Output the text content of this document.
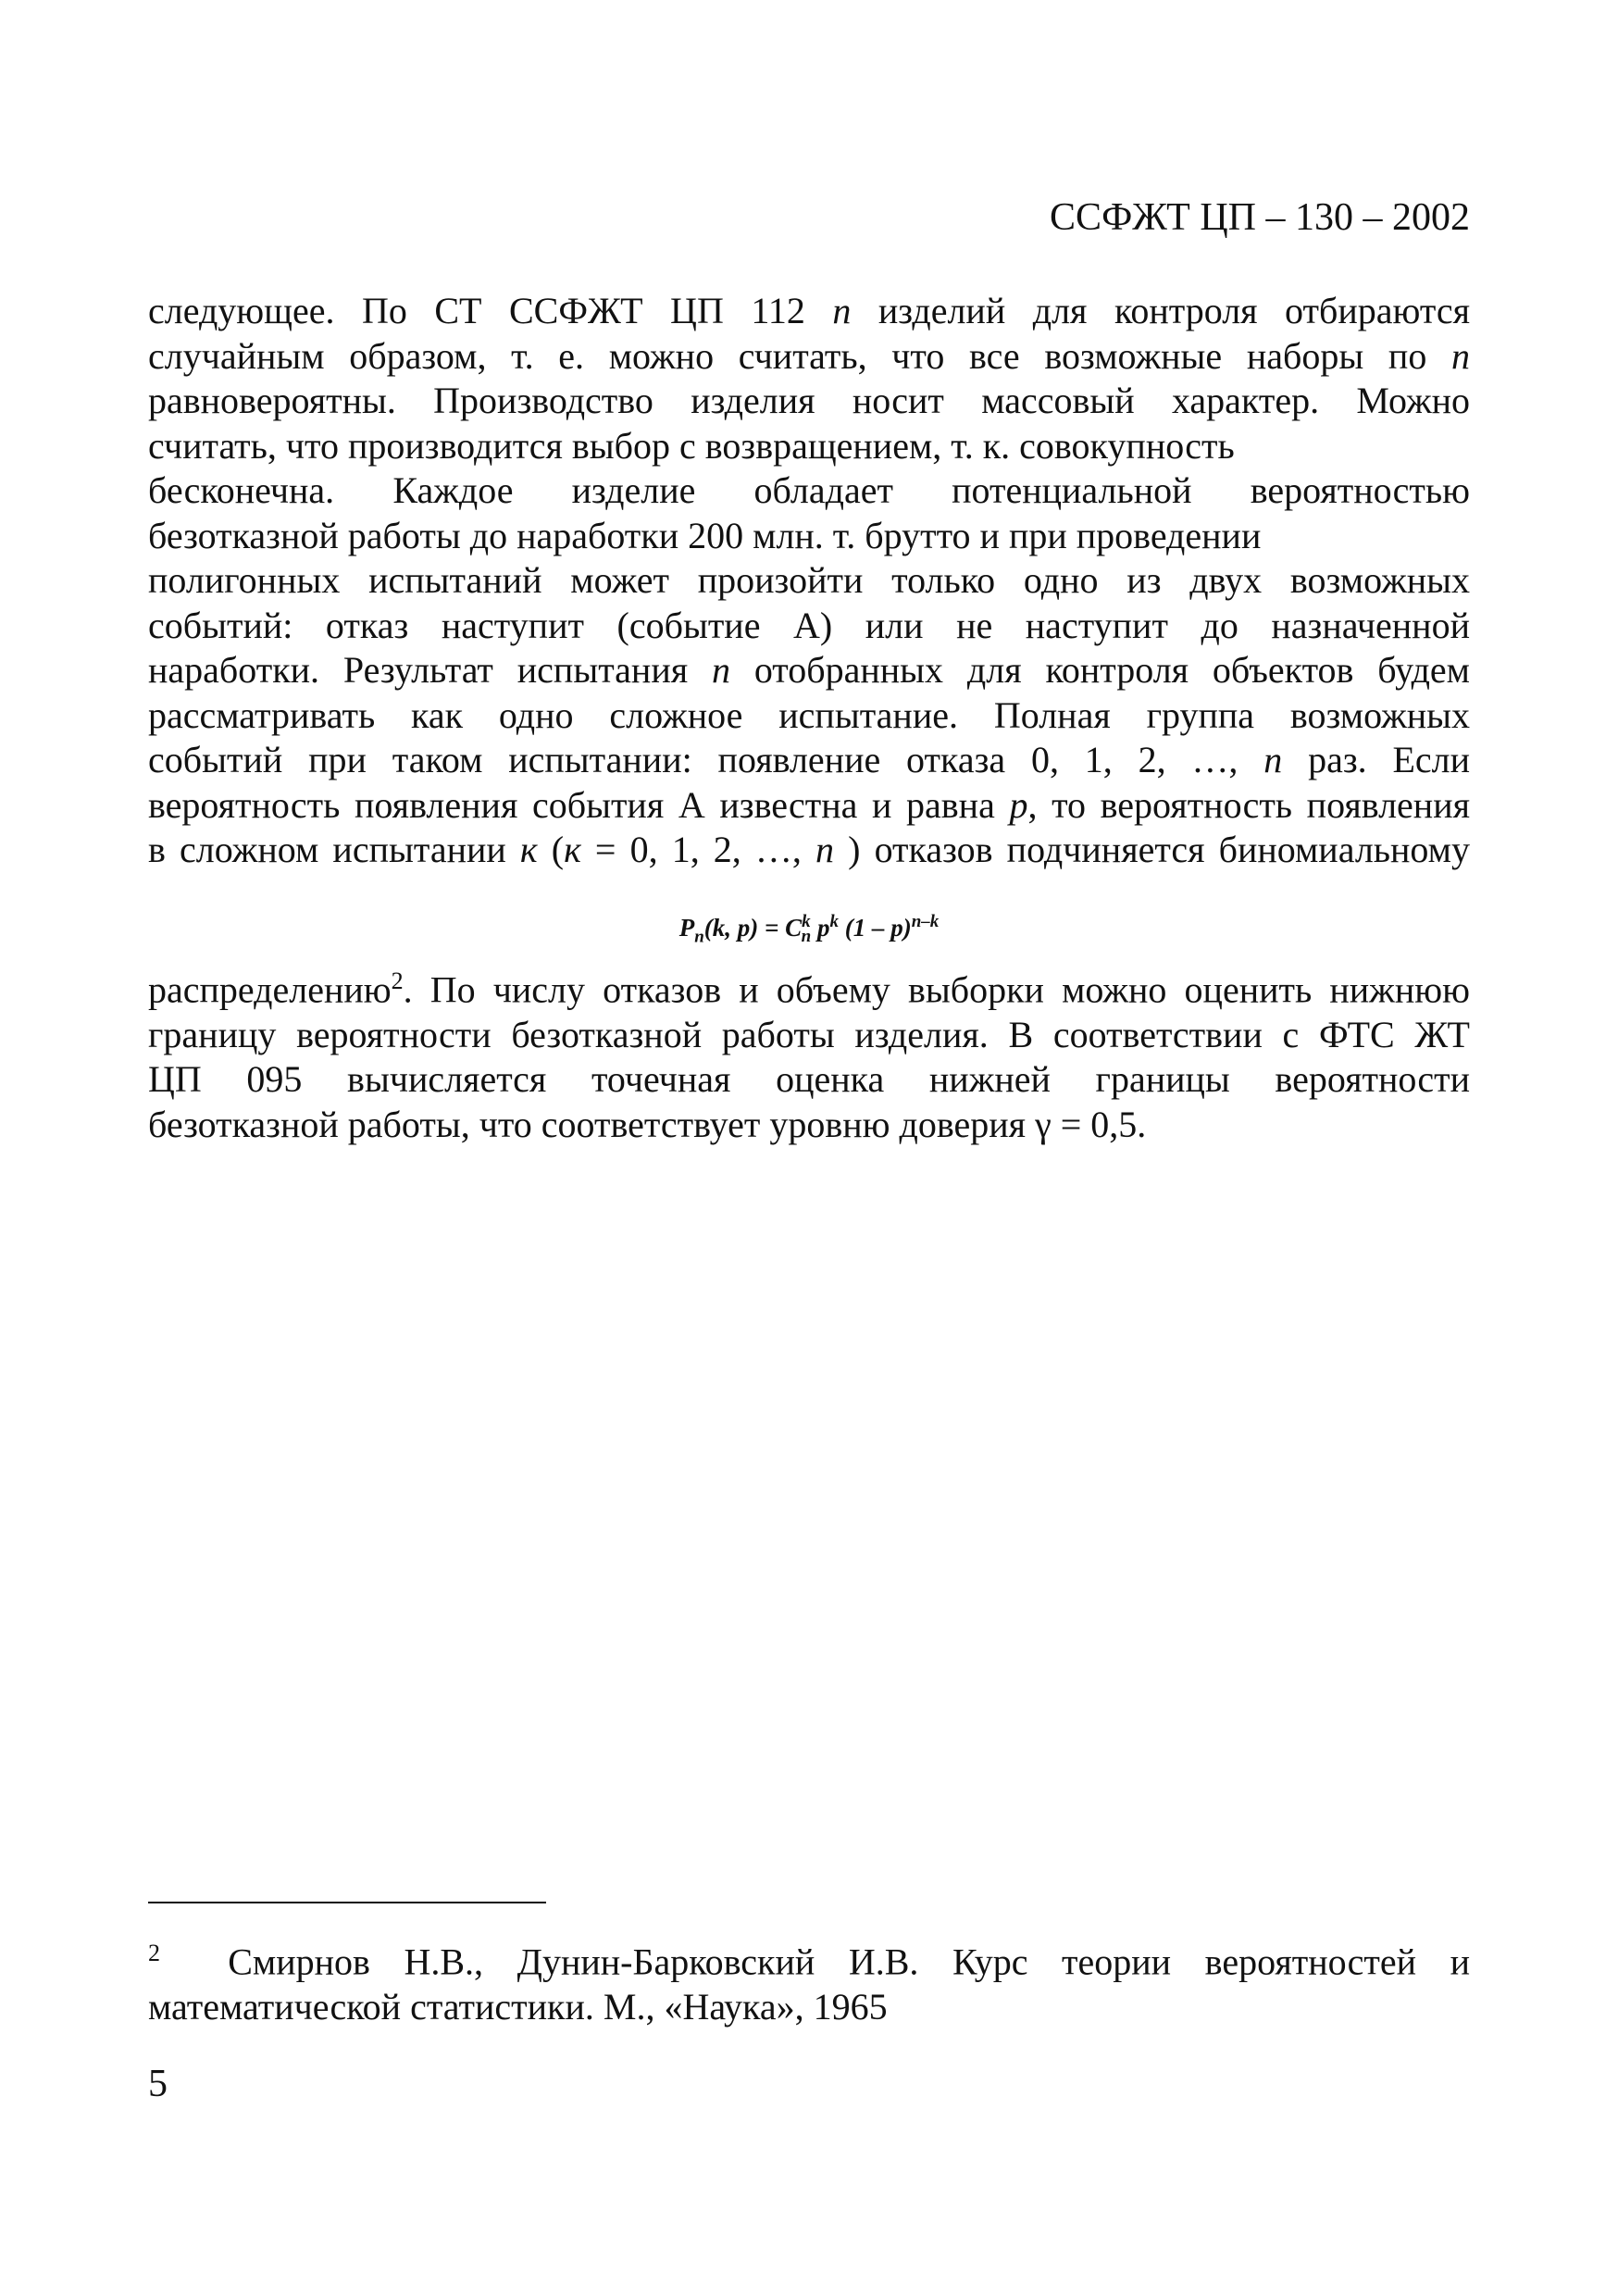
ССФЖТ ЦП – 130 – 2002
следующее. По СТ ССФЖТ ЦП 112 n изделий для контроля отбираются
случайным образом, т. е. можно считать, что все возможные наборы по n
равновероятны. Производство изделия носит массовый характер. Можно
считать, что производится выбор с возвращением, т. к. совокупность
бесконечна. Каждое изделие обладает потенциальной вероятностью
безотказной работы до наработки 200 млн. т. брутто и при проведении
полигонных испытаний может произойти только одно из двух возможных
событий: отказ наступит (событие А) или не наступит до назначенной
наработки. Результат испытания n отобранных для контроля объектов будем
рассматривать как одно сложное испытание. Полная группа возможных
событий при таком испытании: появление отказа 0, 1, 2, …, n раз. Если
вероятность появления события А известна и равна p, то вероятность появления
в сложном испытании к (к = 0, 1, 2, …, n ) отказов подчиняется биномиальному
$P_n(k$, $p) = C^k_n$ $p^k$ (1 – p)$^{n-k}$
распределению$^2$. По числу отказов и объему выборки можно оценить нижнюю
границу вероятности безотказной работы изделия. В соответствии с ФТС ЖТ
ЦП 095 вычисляется точечная оценка нижней границы вероятности
безотказной работы, что соответствует уровню доверия γ = 0,5.
$^2$ Смирнов Н.В., Дунин-Барковский И.В. Курс теории вероятностей и
математической статистики. М., «Наука», 1965
5
